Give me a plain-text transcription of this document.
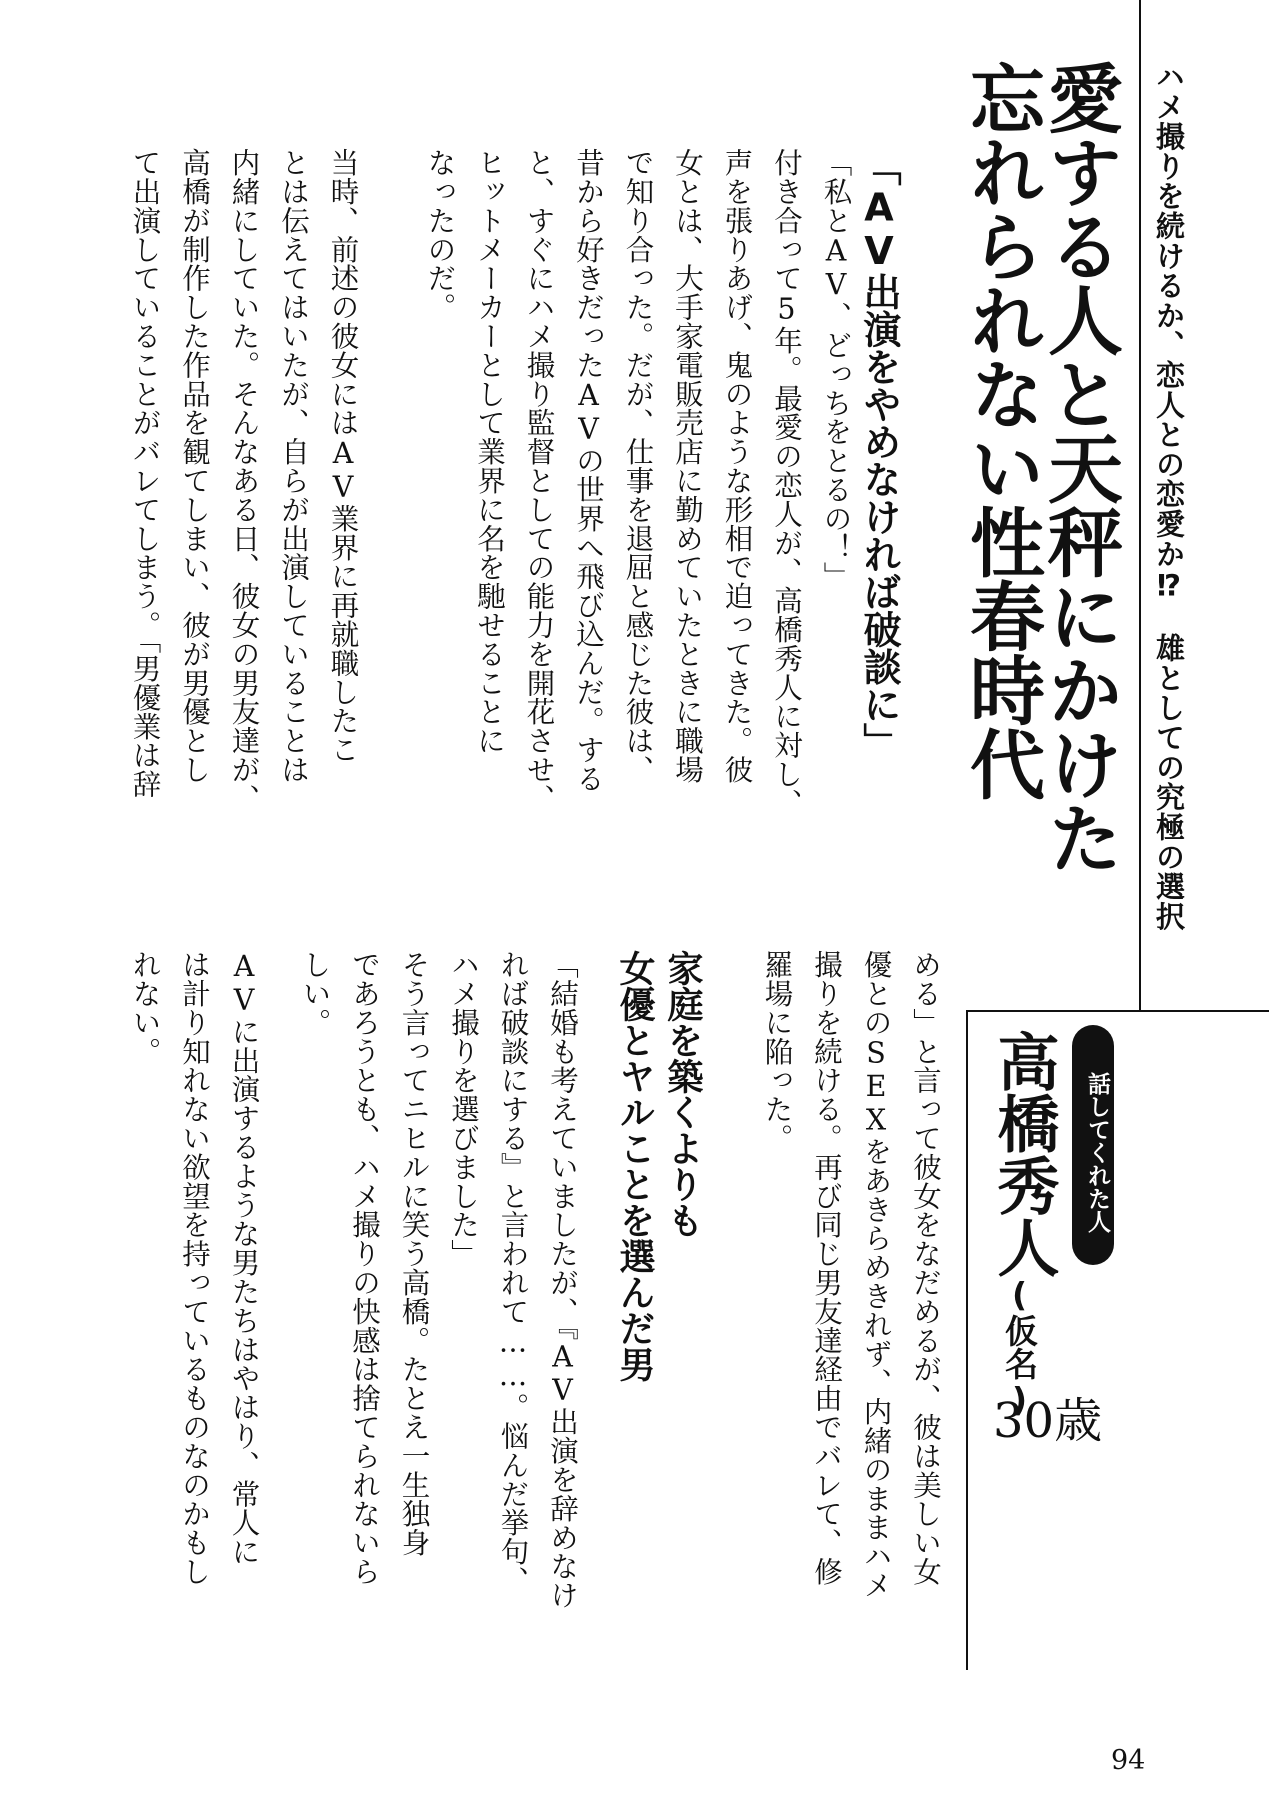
ハメ撮りを続けるか、恋人との恋愛か⁉︎　雄としての究極の選択
愛する人と天秤にかけた
忘れられない性春時代
話してくれた人
高橋秀人
(仮名)
30歳
「AV出演をやめなければ破談に」
家庭を築くよりも
女優とヤルことを選んだ男
「私とAV、どっちをとるの！」
付き合って5年。最愛の恋人が、高橋秀人に対し、
声を張りあげ、鬼のような形相で迫ってきた。彼
女とは、大手家電販売店に勤めていたときに職場
で知り合った。だが、仕事を退屈と感じた彼は、
昔から好きだったAVの世界へ飛び込んだ。する
と、すぐにハメ撮り監督としての能力を開花させ、
ヒットメーカーとして業界に名を馳せることに
なったのだ。
当時、前述の彼女にはAV業界に再就職したこ
とは伝えてはいたが、自らが出演していることは
内緒にしていた。そんなある日、彼女の男友達が、
高橋が制作した作品を観てしまい、彼が男優とし
て出演していることがバレてしまう。「男優業は辞
める」と言って彼女をなだめるが、彼は美しい女
優とのSEXをあきらめきれず、内緒のままハメ
撮りを続ける。再び同じ男友達経由でバレて、修
羅場に陥った。
「結婚も考えていましたが、『AV出演を辞めなけ
れば破談にする』と言われて……。悩んだ挙句、
ハメ撮りを選びました」
そう言ってニヒルに笑う高橋。たとえ一生独身
であろうとも、ハメ撮りの快感は捨てられないら
しい。
AVに出演するような男たちはやはり、常人に
は計り知れない欲望を持っているものなのかもし
れない。
94
